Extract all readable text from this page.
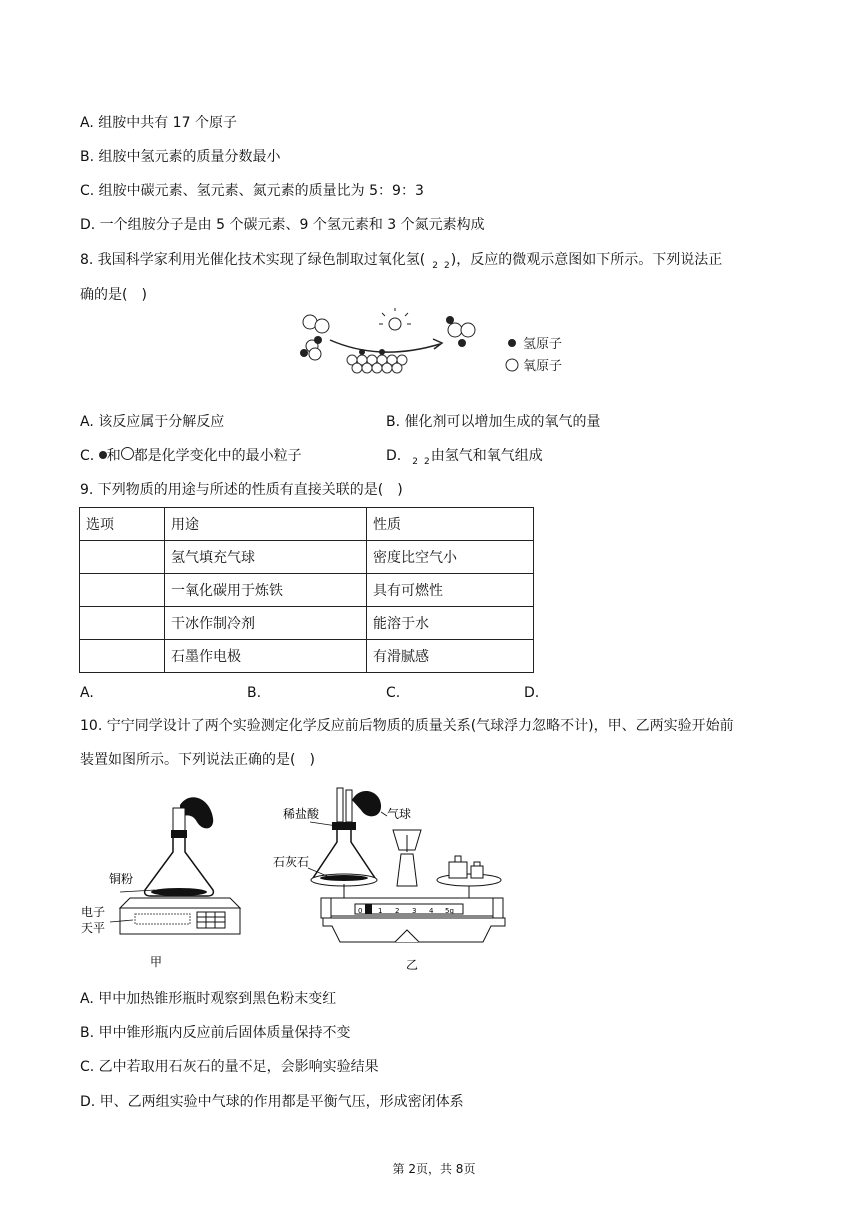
A. 组胺中共有 17 个原子
B. 组胺中氢元素的质量分数最小
C. 组胺中碳元素、氢元素、氮元素的质量比为 5：9：3
D. 一个组胺分子是由 5 个碳元素、9 个氢元素和 3 个氮元素构成
8. 我国科学家利用光催化技术实现了绿色制取过氧化氢( $_2$ $_2$)，反应的微观示意图如下所示。下列说法正
确的是(　)
氢原子
氧原子
A. 该反应属于分解反应	B. 催化剂可以增加生成的氧气的量
C. 和 都是化学变化中的最小粒子	D. $_2$ $_2$由氢气和氧气组成
9. 下列物质的用途与所述的性质有直接关联的是(　)
选项	用途	性质
	氢气填充气球	密度比空气小
	一氧化碳用于炼铁	具有可燃性
	干冰作制冷剂	能溶于水
	石墨作电极	有滑腻感
A.	B.	C.	D.
10. 宁宁同学设计了两个实验测定化学反应前后物质的质量关系(气球浮力忽略不计)，甲、乙两实验开始前
装置如图所示。下列说法正确的是(　)
铜粉
电子
天平
甲
0 1 2 3 4 5g
稀盐酸	气球
石灰石
乙
A. 甲中加热锥形瓶时观察到黑色粉末变红
B. 甲中锥形瓶内反应前后固体质量保持不变
C. 乙中若取用石灰石的量不足，会影响实验结果
D. 甲、乙两组实验中气球的作用都是平衡气压，形成密闭体系
第 2页，共 8页
